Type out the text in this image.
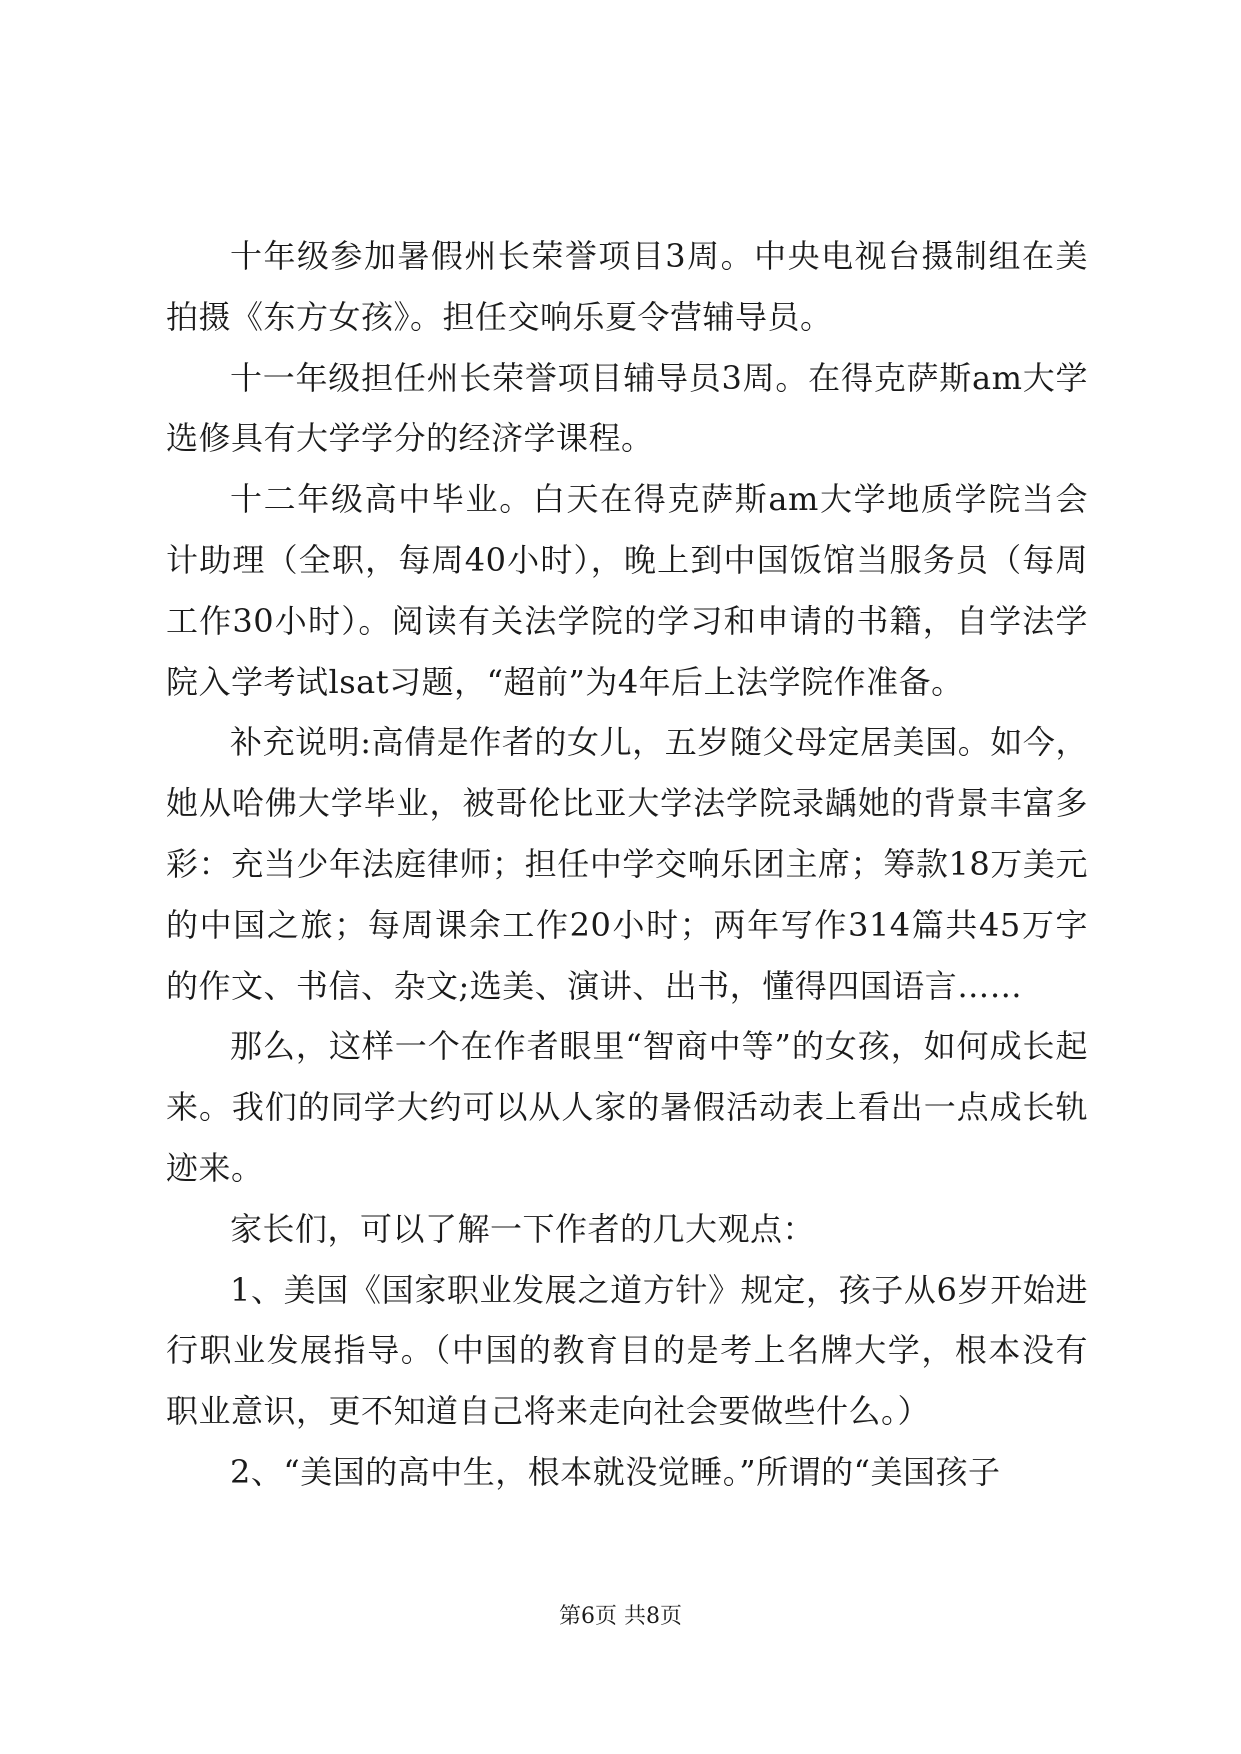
十年级参加暑假州长荣誉项目3周。中央电视台摄制组在美拍摄《东方女孩》。担任交响乐夏令营辅导员。

十一年级担任州长荣誉项目辅导员3周。在得克萨斯am大学选修具有大学学分的经济学课程。

十二年级高中毕业。白天在得克萨斯am大学地质学院当会计助理（全职，每周40小时），晚上到中国饭馆当服务员（每周工作30小时）。阅读有关法学院的学习和申请的书籍，自学法学院入学考试lsat习题，“超前”为4年后上法学院作准备。

补充说明:高倩是作者的女儿，五岁随父母定居美国。如今，她从哈佛大学毕业，被哥伦比亚大学法学院录龋她的背景丰富多彩：充当少年法庭律师；担任中学交响乐团主席；筹款18万美元的中国之旅；每周课余工作20小时；两年写作314篇共45万字的作文、书信、杂文;选美、演讲、出书，懂得四国语言……

那么，这样一个在作者眼里“智商中等”的女孩，如何成长起来。我们的同学大约可以从人家的暑假活动表上看出一点成长轨迹来。

家长们，可以了解一下作者的几大观点：

1、美国《国家职业发展之道方针》规定，孩子从6岁开始进行职业发展指导。（中国的教育目的是考上名牌大学，根本没有职业意识，更不知道自己将来走向社会要做些什么。）

2、“美国的高中生，根本就没觉睡。”所谓的“美国孩子

第6页 共8页
